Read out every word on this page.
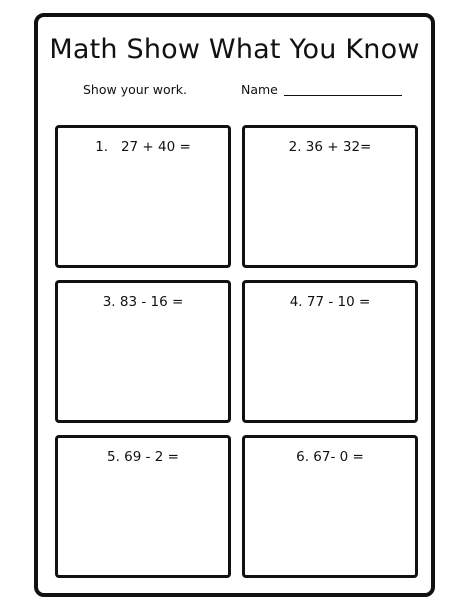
Math Show What You Know
Show your work.	Name
1.   27 + 40 =	2. 36 + 32=
3. 83 - 16 =	4. 77 - 10 =
5. 69 - 2 =	6. 67- 0 =
